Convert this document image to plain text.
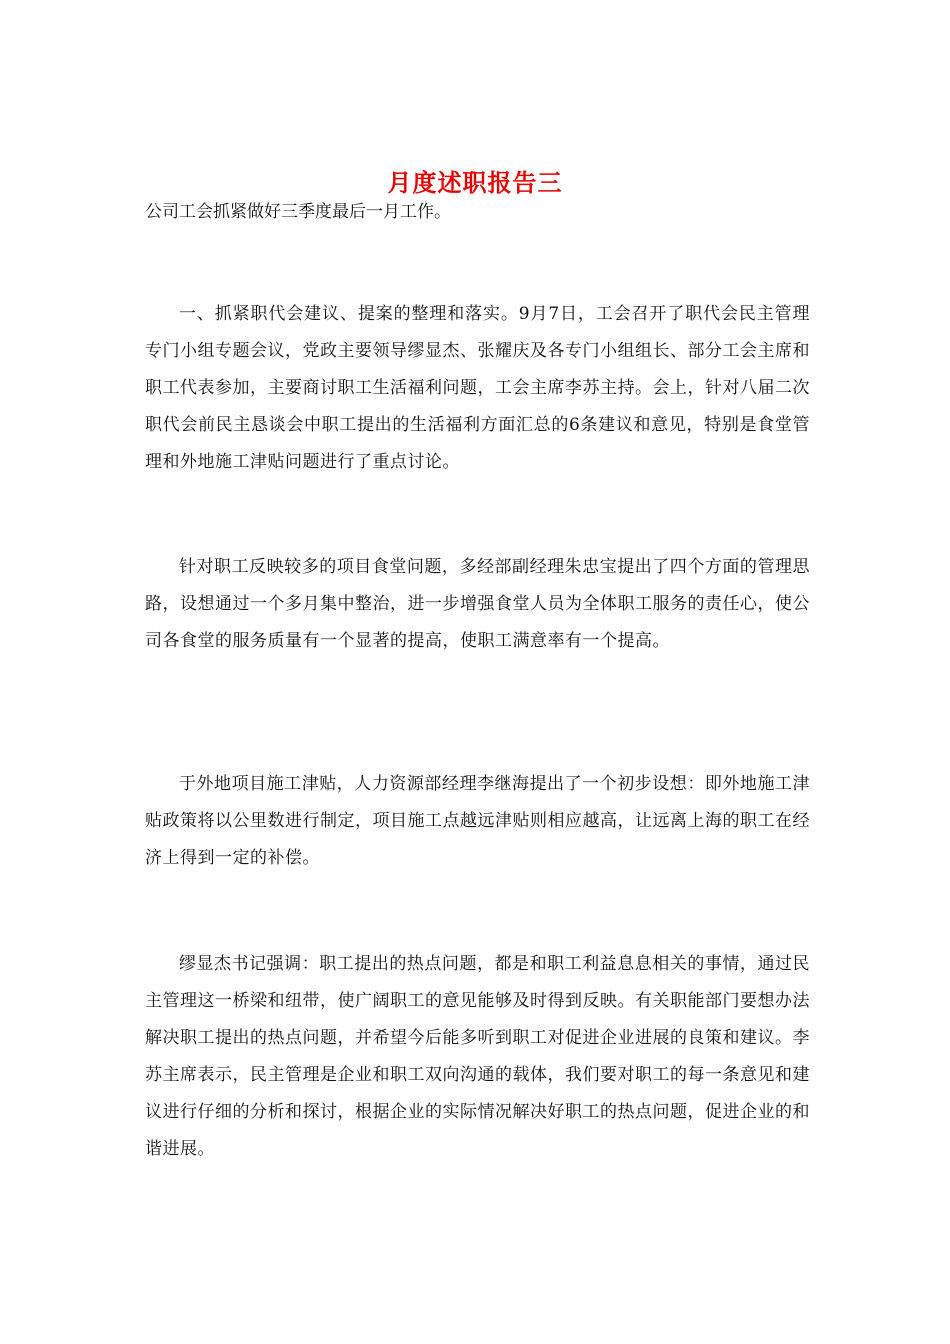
月度述职报告三

公司工会抓紧做好三季度最后一月工作。

一、抓紧职代会建议、提案的整理和落实。9月7日，工会召开了职代会民主管理专门小组专题会议，党政主要领导缪显杰、张耀庆及各专门小组组长、部分工会主席和职工代表参加，主要商讨职工生活福利问题，工会主席李苏主持。会上，针对八届二次职代会前民主恳谈会中职工提出的生活福利方面汇总的6条建议和意见，特别是食堂管理和外地施工津贴问题进行了重点讨论。

针对职工反映较多的项目食堂问题，多经部副经理朱忠宝提出了四个方面的管理思路，设想通过一个多月集中整治，进一步增强食堂人员为全体职工服务的责任心，使公司各食堂的服务质量有一个显著的提高，使职工满意率有一个提高。

于外地项目施工津贴，人力资源部经理李继海提出了一个初步设想：即外地施工津贴政策将以公里数进行制定，项目施工点越远津贴则相应越高，让远离上海的职工在经济上得到一定的补偿。

缪显杰书记强调：职工提出的热点问题，都是和职工利益息息相关的事情，通过民主管理这一桥梁和纽带，使广阔职工的意见能够及时得到反映。有关职能部门要想办法解决职工提出的热点问题，并希望今后能多听到职工对促进企业进展的良策和建议。李苏主席表示，民主管理是企业和职工双向沟通的载体，我们要对职工的每一条意见和建议进行仔细的分析和探讨，根据企业的实际情况解决好职工的热点问题，促进企业的和谐进展。
